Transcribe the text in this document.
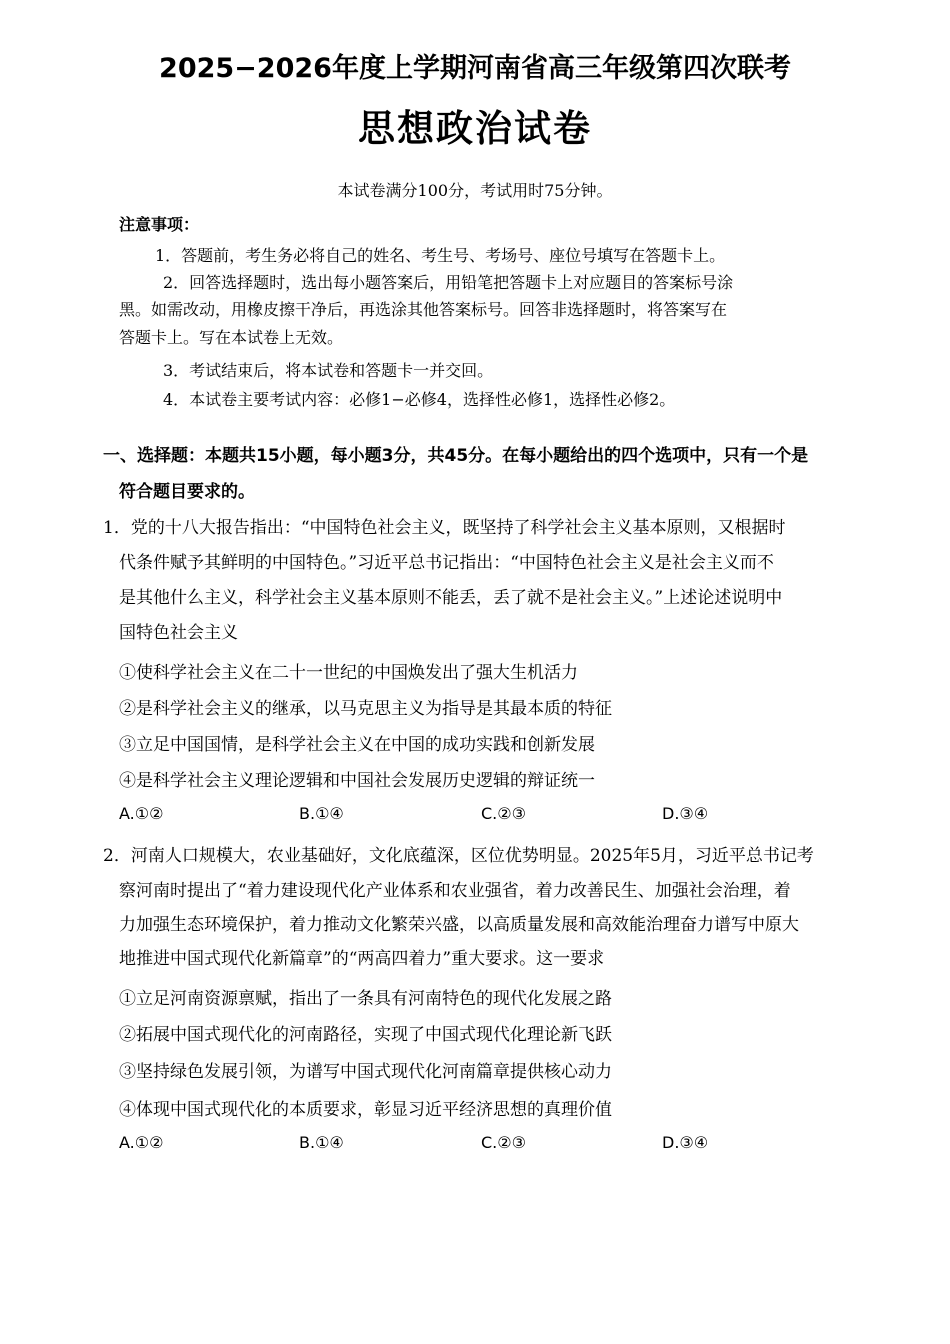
2025−2026年度上学期河南省高三年级第四次联考
思想政治试卷
本试卷满分100分，考试用时75分钟。
注意事项：
1．答题前，考生务必将自己的姓名、考生号、考场号、座位号填写在答题卡上。
2．回答选择题时，选出每小题答案后，用铅笔把答题卡上对应题目的答案标号涂
黑。如需改动，用橡皮擦干净后，再选涂其他答案标号。回答非选择题时，将答案写在
答题卡上。写在本试卷上无效。
3．考试结束后，将本试卷和答题卡一并交回。
4．本试卷主要考试内容：必修1−必修4，选择性必修1，选择性必修2。
一、选择题：本题共15小题，每小题3分，共45分。在每小题给出的四个选项中，只有一个是
符合题目要求的。
1．党的十八大报告指出：“中国特色社会主义，既坚持了科学社会主义基本原则，又根据时
代条件赋予其鲜明的中国特色。”习近平总书记指出：“中国特色社会主义是社会主义而不
是其他什么主义，科学社会主义基本原则不能丢，丢了就不是社会主义。”上述论述说明中
国特色社会主义
①使科学社会主义在二十一世纪的中国焕发出了强大生机活力
②是科学社会主义的继承，以马克思主义为指导是其最本质的特征
③立足中国国情，是科学社会主义在中国的成功实践和创新发展
④是科学社会主义理论逻辑和中国社会发展历史逻辑的辩证统一
A.①②	B.①④	C.②③	D.③④
2．河南人口规模大，农业基础好，文化底蕴深，区位优势明显。2025年5月，习近平总书记考
察河南时提出了“着力建设现代化产业体系和农业强省，着力改善民生、加强社会治理，着
力加强生态环境保护，着力推动文化繁荣兴盛，以高质量发展和高效能治理奋力谱写中原大
地推进中国式现代化新篇章”的“两高四着力”重大要求。这一要求
①立足河南资源禀赋，指出了一条具有河南特色的现代化发展之路
②拓展中国式现代化的河南路径，实现了中国式现代化理论新飞跃
③坚持绿色发展引领，为谱写中国式现代化河南篇章提供核心动力
④体现中国式现代化的本质要求，彰显习近平经济思想的真理价值
A.①②	B.①④	C.②③	D.③④
